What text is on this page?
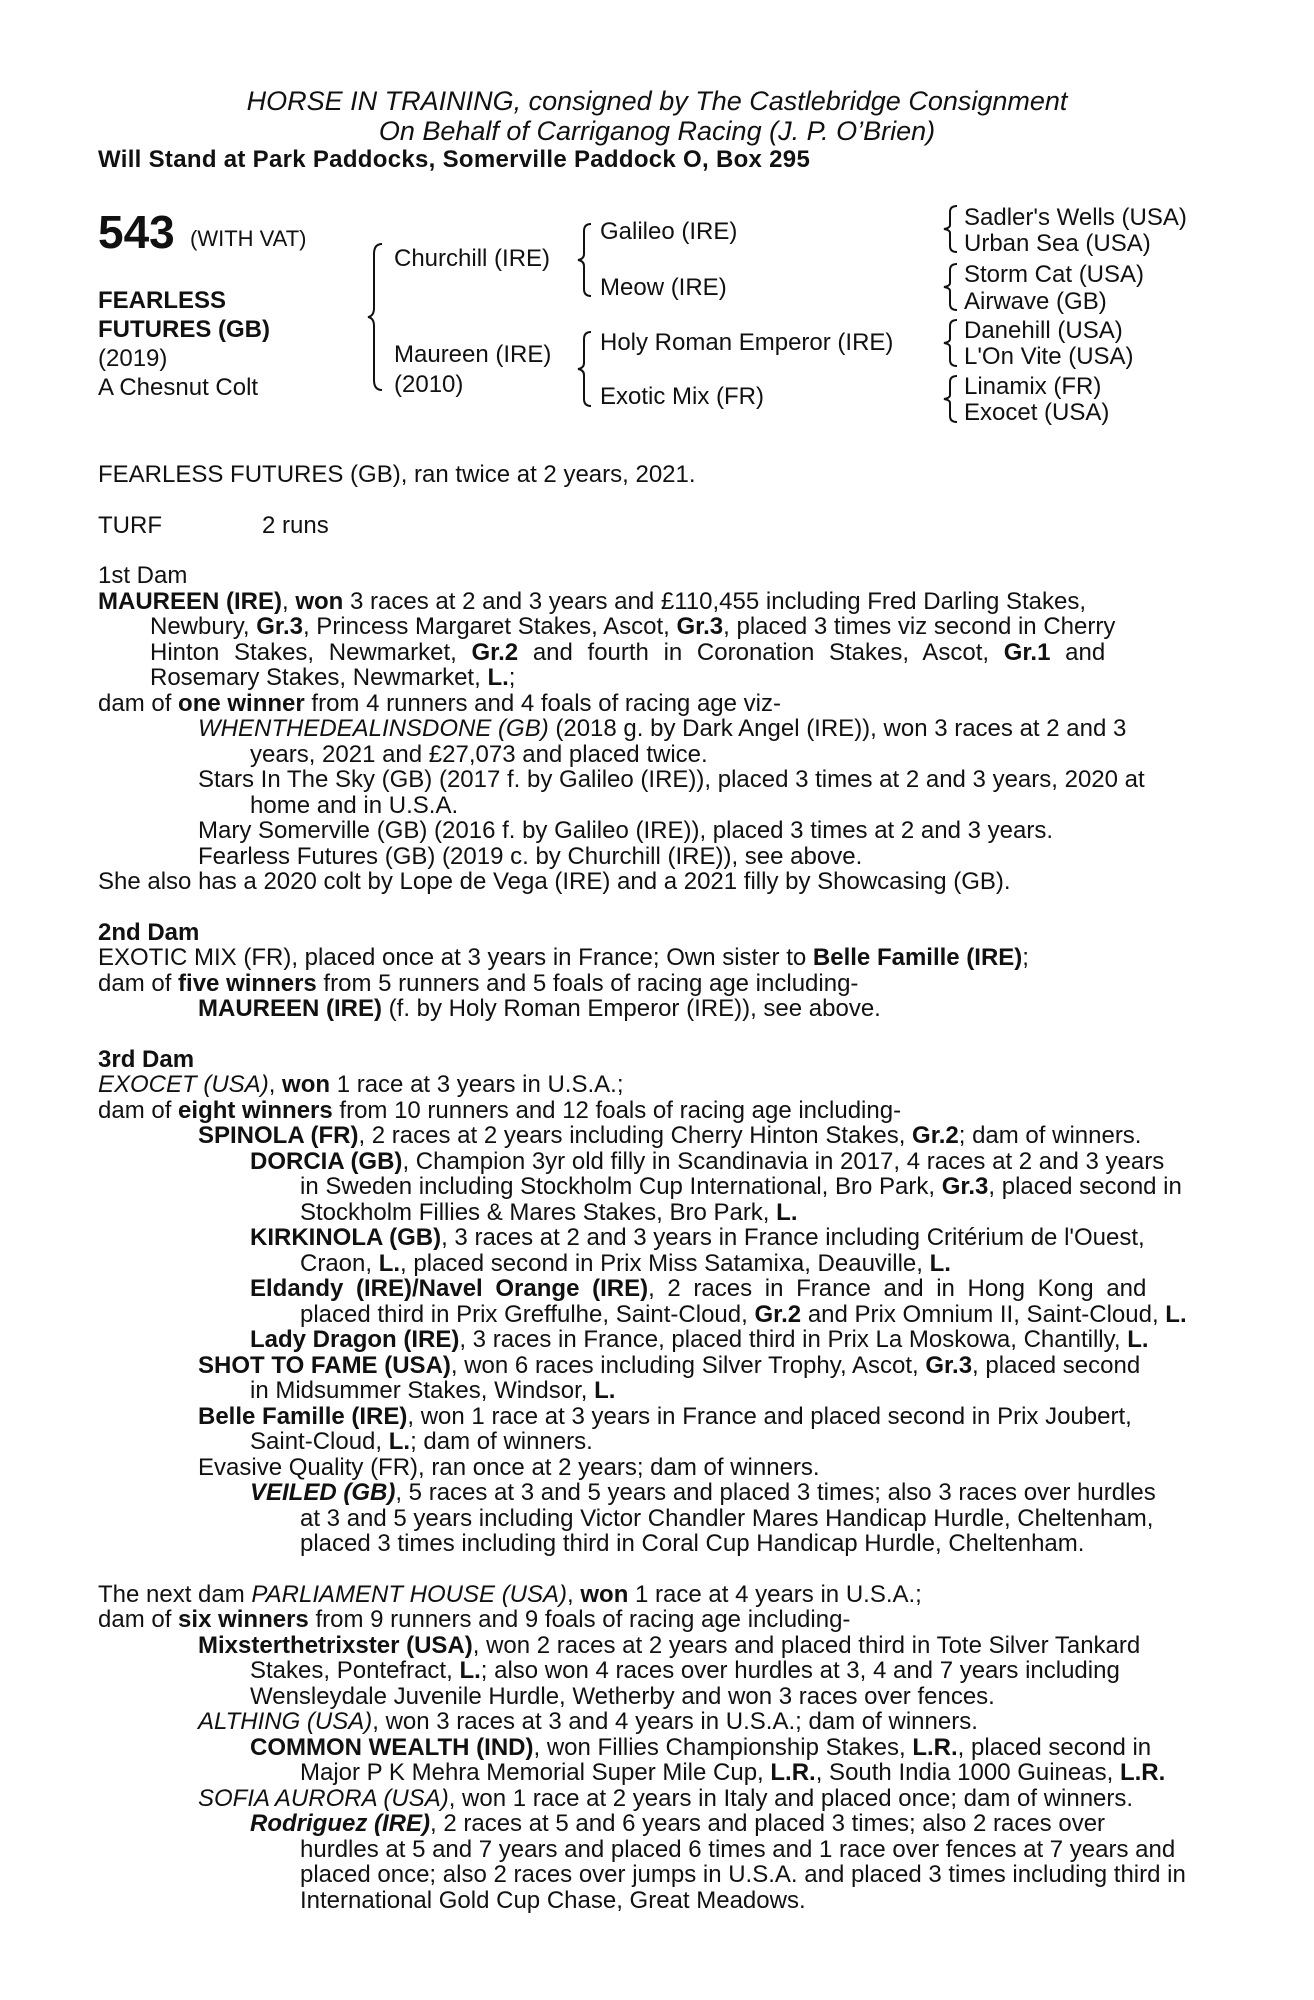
HORSE IN TRAINING, consigned by The Castlebridge Consignment
On Behalf of Carriganog Racing (J. P. O’Brien)
Will Stand at Park Paddocks, Somerville Paddock O, Box 295
543 (WITH VAT)
FEARLESS
FUTURES (GB)
(2019)
A Chesnut Colt
Churchill (IRE)
Maureen (IRE)
(2010)
Galileo (IRE)
Meow (IRE)
Holy Roman Emperor (IRE)
Exotic Mix (FR)
Sadler's Wells (USA)
Urban Sea (USA)
Storm Cat (USA)
Airwave (GB)
Danehill (USA)
L'On Vite (USA)
Linamix (FR)
Exocet (USA)
FEARLESS FUTURES (GB), ran twice at 2 years, 2021.
TURF	2 runs
1st Dam
MAUREEN (IRE), won 3 races at 2 and 3 years and £110,455 including Fred Darling Stakes,
Newbury, Gr.3, Princess Margaret Stakes, Ascot, Gr.3, placed 3 times viz second in Cherry
Hinton Stakes, Newmarket, Gr.2 and fourth in Coronation Stakes, Ascot, Gr.1 and
Rosemary Stakes, Newmarket, L.;
dam of one winner from 4 runners and 4 foals of racing age viz-
WHENTHEDEALINSDONE (GB) (2018 g. by Dark Angel (IRE)), won 3 races at 2 and 3
years, 2021 and £27,073 and placed twice.
Stars In The Sky (GB) (2017 f. by Galileo (IRE)), placed 3 times at 2 and 3 years, 2020 at
home and in U.S.A.
Mary Somerville (GB) (2016 f. by Galileo (IRE)), placed 3 times at 2 and 3 years.
Fearless Futures (GB) (2019 c. by Churchill (IRE)), see above.
She also has a 2020 colt by Lope de Vega (IRE) and a 2021 filly by Showcasing (GB).
2nd Dam
EXOTIC MIX (FR), placed once at 3 years in France; Own sister to Belle Famille (IRE);
dam of five winners from 5 runners and 5 foals of racing age including-
MAUREEN (IRE) (f. by Holy Roman Emperor (IRE)), see above.
3rd Dam
EXOCET (USA), won 1 race at 3 years in U.S.A.;
dam of eight winners from 10 runners and 12 foals of racing age including-
SPINOLA (FR), 2 races at 2 years including Cherry Hinton Stakes, Gr.2; dam of winners.
DORCIA (GB), Champion 3yr old filly in Scandinavia in 2017, 4 races at 2 and 3 years
in Sweden including Stockholm Cup International, Bro Park, Gr.3, placed second in
Stockholm Fillies & Mares Stakes, Bro Park, L.
KIRKINOLA (GB), 3 races at 2 and 3 years in France including Critérium de l'Ouest,
Craon, L., placed second in Prix Miss Satamixa, Deauville, L.
Eldandy (IRE)/Navel Orange (IRE), 2 races in France and in Hong Kong and
placed third in Prix Greffulhe, Saint-Cloud, Gr.2 and Prix Omnium II, Saint-Cloud, L.
Lady Dragon (IRE), 3 races in France, placed third in Prix La Moskowa, Chantilly, L.
SHOT TO FAME (USA), won 6 races including Silver Trophy, Ascot, Gr.3, placed second
in Midsummer Stakes, Windsor, L.
Belle Famille (IRE), won 1 race at 3 years in France and placed second in Prix Joubert,
Saint-Cloud, L.; dam of winners.
Evasive Quality (FR), ran once at 2 years; dam of winners.
VEILED (GB), 5 races at 3 and 5 years and placed 3 times; also 3 races over hurdles
at 3 and 5 years including Victor Chandler Mares Handicap Hurdle, Cheltenham,
placed 3 times including third in Coral Cup Handicap Hurdle, Cheltenham.
The next dam PARLIAMENT HOUSE (USA), won 1 race at 4 years in U.S.A.;
dam of six winners from 9 runners and 9 foals of racing age including-
Mixsterthetrixster (USA), won 2 races at 2 years and placed third in Tote Silver Tankard
Stakes, Pontefract, L.; also won 4 races over hurdles at 3, 4 and 7 years including
Wensleydale Juvenile Hurdle, Wetherby and won 3 races over fences.
ALTHING (USA), won 3 races at 3 and 4 years in U.S.A.; dam of winners.
COMMON WEALTH (IND), won Fillies Championship Stakes, L.R., placed second in
Major P K Mehra Memorial Super Mile Cup, L.R., South India 1000 Guineas, L.R.
SOFIA AURORA (USA), won 1 race at 2 years in Italy and placed once; dam of winners.
Rodriguez (IRE), 2 races at 5 and 6 years and placed 3 times; also 2 races over
hurdles at 5 and 7 years and placed 6 times and 1 race over fences at 7 years and
placed once; also 2 races over jumps in U.S.A. and placed 3 times including third in
International Gold Cup Chase, Great Meadows.
